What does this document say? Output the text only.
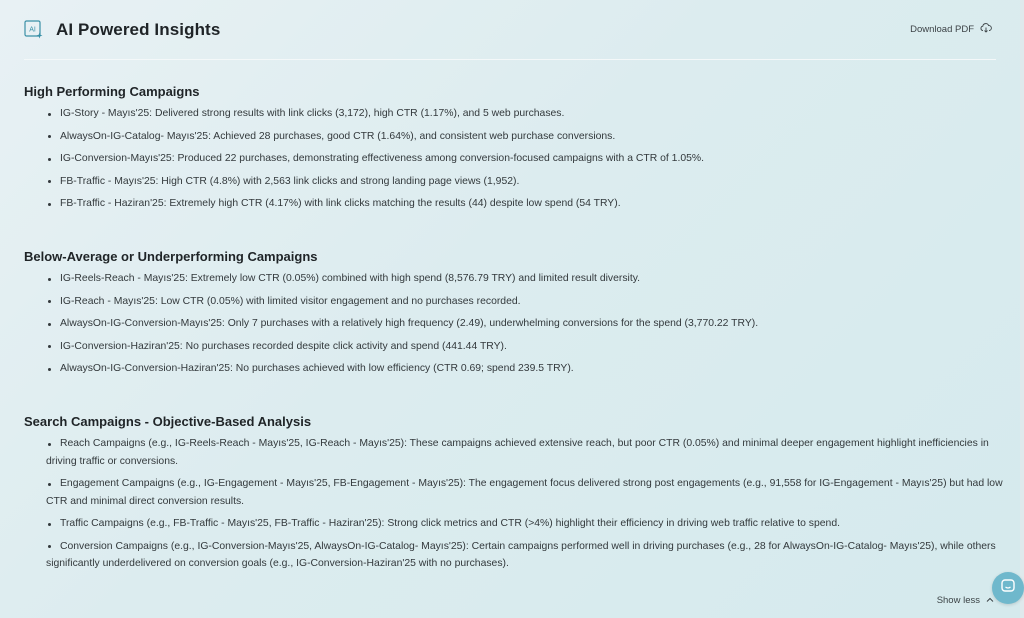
AI AI Powered Insights	Download PDF
High Performing Campaigns
IG-Story - Mayıs'25: Delivered strong results with link clicks (3,172), high CTR (1.17%), and 5 web purchases.
AlwaysOn-IG-Catalog- Mayıs'25: Achieved 28 purchases, good CTR (1.64%), and consistent web purchase conversions.
IG-Conversion-Mayıs'25: Produced 22 purchases, demonstrating effectiveness among conversion-focused campaigns with a CTR of 1.05%.
FB-Traffic - Mayıs'25: High CTR (4.8%) with 2,563 link clicks and strong landing page views (1,952).
FB-Traffic - Haziran'25: Extremely high CTR (4.17%) with link clicks matching the results (44) despite low spend (54 TRY).
Below-Average or Underperforming Campaigns
IG-Reels-Reach - Mayıs'25: Extremely low CTR (0.05%) combined with high spend (8,576.79 TRY) and limited result diversity.
IG-Reach - Mayıs'25: Low CTR (0.05%) with limited visitor engagement and no purchases recorded.
AlwaysOn-IG-Conversion-Mayıs'25: Only 7 purchases with a relatively high frequency (2.49), underwhelming conversions for the spend (3,770.22 TRY).
IG-Conversion-Haziran'25: No purchases recorded despite click activity and spend (441.44 TRY).
AlwaysOn-IG-Conversion-Haziran'25: No purchases achieved with low efficiency (CTR 0.69; spend 239.5 TRY).
Search Campaigns - Objective-Based Analysis
Reach Campaigns (e.g., IG-Reels-Reach - Mayıs'25, IG-Reach - Mayıs'25): These campaigns achieved extensive reach, but poor CTR (0.05%) and minimal deeper engagement highlight inefficiencies in driving traffic or conversions.
Engagement Campaigns (e.g., IG-Engagement - Mayıs'25, FB-Engagement - Mayıs'25): The engagement focus delivered strong post engagements (e.g., 91,558 for IG-Engagement - Mayıs'25) but had low CTR and minimal direct conversion results.
Traffic Campaigns (e.g., FB-Traffic - Mayıs'25, FB-Traffic - Haziran'25): Strong click metrics and CTR (>4%) highlight their efficiency in driving web traffic relative to spend.
Conversion Campaigns (e.g., IG-Conversion-Mayıs'25, AlwaysOn-IG-Catalog- Mayıs'25): Certain campaigns performed well in driving purchases (e.g., 28 for AlwaysOn-IG-Catalog- Mayıs'25), while others significantly underdelivered on conversion goals (e.g., IG-Conversion-Haziran'25 with no purchases).
Show less
